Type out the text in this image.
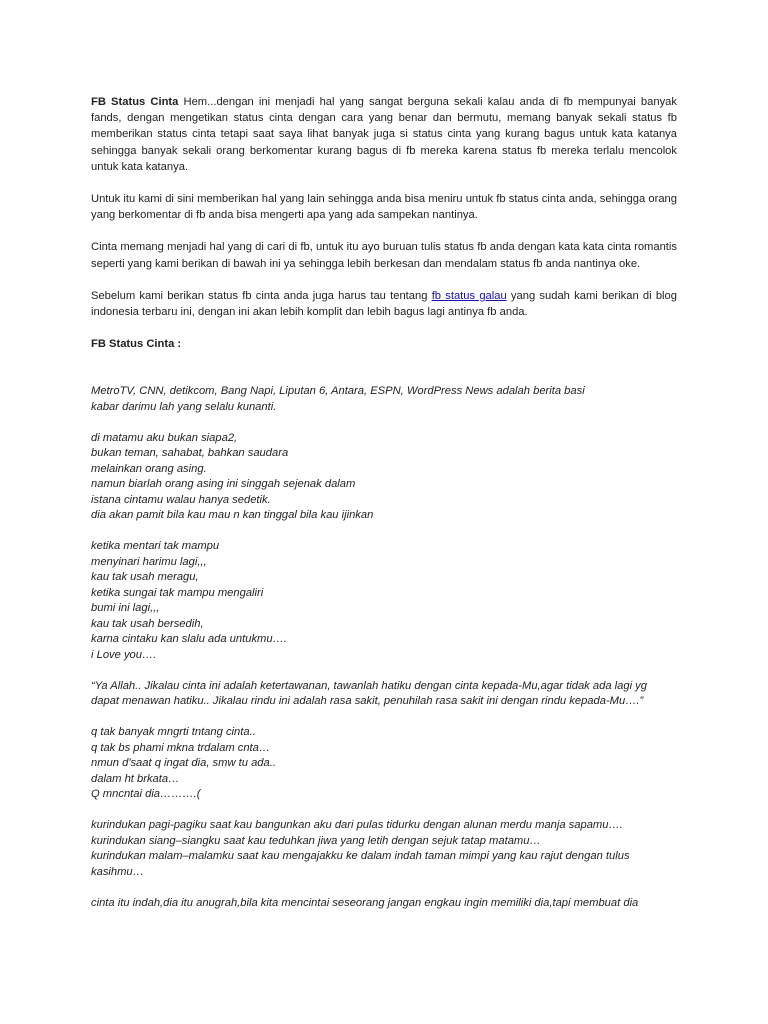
FB Status Cinta Hem...dengan ini menjadi hal yang sangat berguna sekali kalau anda di fb mempunyai banyak fands, dengan mengetikan status cinta dengan cara yang benar dan bermutu, memang banyak sekali status fb memberikan status cinta tetapi saat saya lihat banyak juga si status cinta yang kurang bagus untuk kata katanya sehingga banyak sekali orang berkomentar kurang bagus di fb mereka karena status fb mereka terlalu mencolok untuk kata katanya.

Untuk itu kami di sini memberikan hal yang lain sehingga anda bisa meniru untuk fb status cinta anda, sehingga orang yang berkomentar di fb anda bisa mengerti apa yang ada sampekan nantinya.

Cinta memang menjadi hal yang di cari di fb, untuk itu ayo buruan tulis status fb anda dengan kata kata cinta romantis seperti yang kami berikan di bawah ini ya sehingga lebih berkesan dan mendalam status fb anda nantinya oke.

Sebelum kami berikan status fb cinta anda juga harus tau tentang fb status galau yang sudah kami berikan di blog indonesia terbaru ini, dengan ini akan lebih komplit dan lebih bagus lagi antinya fb anda.

FB Status Cinta :
MetroTV, CNN, detikcom, Bang Napi, Liputan 6, Antara, ESPN, WordPress News adalah berita basi
kabar darimu lah yang selalu kunanti.
di matamu aku bukan siapa2,
bukan teman, sahabat, bahkan saudara
melainkan orang asing.
namun biarlah orang asing ini singgah sejenak dalam
istana cintamu walau hanya sedetik.
dia akan pamit bila kau mau n kan tinggal bila kau ijinkan
ketika mentari tak mampu
menyinari harimu lagi,,,
kau tak usah meragu,
ketika sungai tak mampu mengaliri
bumi ini lagi,,,
kau tak usah bersedih,
karna cintaku kan slalu ada untukmu….
i Love you….
“Ya Allah.. Jikalau cinta ini adalah ketertawanan, tawanlah hatiku dengan cinta kepada-Mu,agar tidak ada lagi yg
dapat menawan hatiku.. Jikalau rindu ini adalah rasa sakit, penuhilah rasa sakit ini dengan rindu kepada-Mu….”
q tak banyak mngrti tntang cinta..
q tak bs phami mkna trdalam cnta…
nmun d'saat q ingat dia, smw tu ada..
dalam ht brkata…
Q mncntai dia……….(
kurindukan pagi-pagiku saat kau bangunkan aku dari pulas tidurku dengan alunan merdu manja sapamu….
kurindukan siang–siangku saat kau teduhkan jiwa yang letih dengan sejuk tatap matamu…
kurindukan malam–malamku saat kau mengajakku ke dalam indah taman mimpi yang kau rajut dengan tulus
kasihmu…
cinta itu indah,dia itu anugrah,bila kita mencintai seseorang jangan engkau ingin memiliki dia,tapi membuat dia
